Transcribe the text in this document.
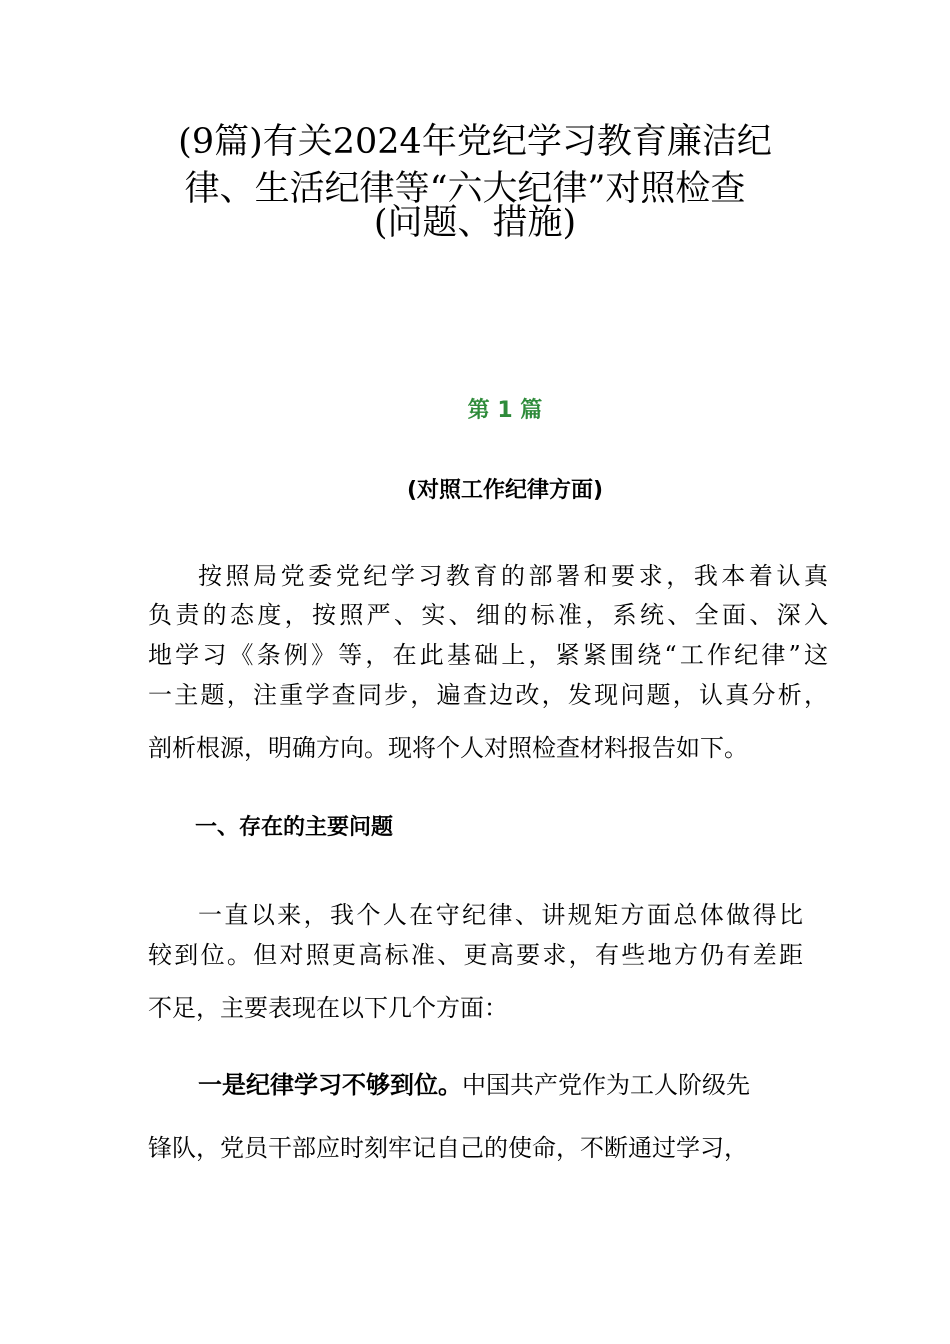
(9篇)有关2024年党纪学习教育廉洁纪
律、生活纪律等“六大纪律”对照检查
(问题、措施)
第 1 篇
(对照工作纪律方面)
按照局党委党纪学习教育的部署和要求，我本着认真
负责的态度，按照严、实、细的标准，系统、全面、深入
地学习《条例》等，在此基础上，紧紧围绕“工作纪律”这
一主题，注重学查同步，遍查边改，发现问题，认真分析，
剖析根源，明确方向。现将个人对照检查材料报告如下。
一、存在的主要问题
一直以来，我个人在守纪律、讲规矩方面总体做得比
较到位。但对照更高标准、更高要求，有些地方仍有差距
不足，主要表现在以下几个方面：
一是纪律学习不够到位。中国共产党作为工人阶级先
锋队，党员干部应时刻牢记自己的使命，不断通过学习，
